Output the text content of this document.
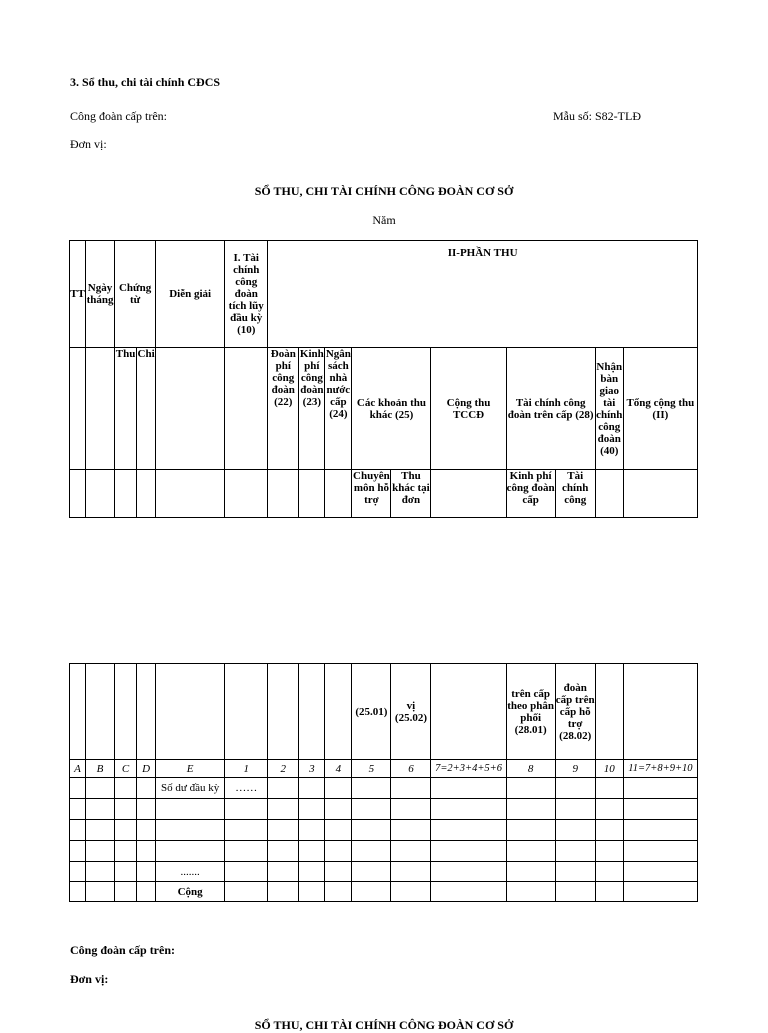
3. Sổ thu, chi tài chính CĐCS
Công đoàn cấp trên:	Mẫu số: S82-TLĐ
Đơn vị:
SỔ THU, CHI TÀI CHÍNH CÔNG ĐOÀN CƠ SỞ
Năm
TT	Ngày tháng	Chứng từ		Diễn giải	I. Tài chính công đoàn tích lũy đầu kỳ (10)	II-PHẦN THU									
		Thu	Chi			Đoàn phí công đoàn (22)	Kinh phí công đoàn (23)	Ngân sách nhà nước cấp (24)	Các khoản thu khác (25)		Cộng thu TCCĐ	Tài chính công đoàn trên cấp (28)		Nhận bàn giao tài chính công đoàn (40)	Tổng cộng thu (II)
									Chuyên môn hỗ trợ	Thu khác tại đơn		Kinh phí công đoàn cấp	Tài chính công		
									(25.01)	vị (25.02)		trên cấp theo phân phối (28.01)	đoàn cấp trên cấp hỗ trợ (28.02)		
A	B	C	D	E	1	2	3	4	5	6	7=2+3+4+5+6	8	9	10	11=7+8+9+10
				Số dư đầu kỳ	……										

				.......											
				Cộng											
Công đoàn cấp trên:
Đơn vị:
SỔ THU, CHI TÀI CHÍNH CÔNG ĐOÀN CƠ SỞ
